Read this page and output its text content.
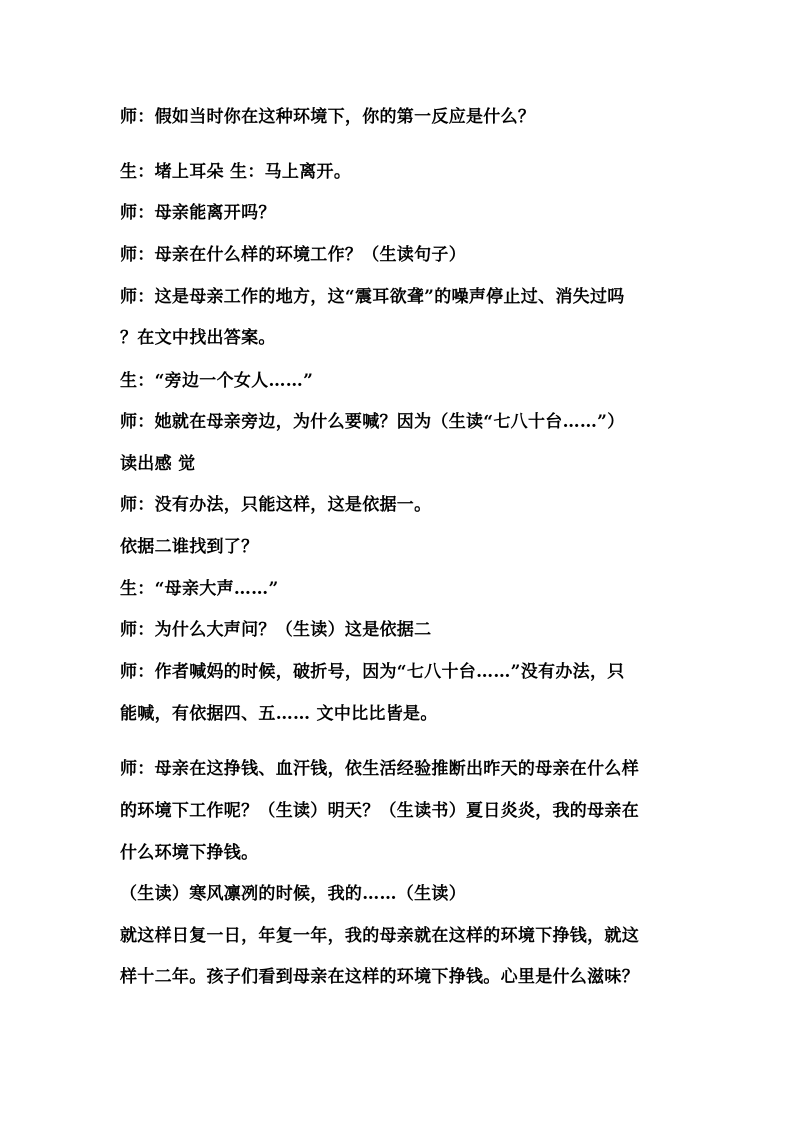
师：假如当时你在这种环境下，你的第一反应是什么？
生：堵上耳朵 生：马上离开。
师：母亲能离开吗？
师：母亲在什么样的环境工作？（生读句子）
师：这是母亲工作的地方，这“震耳欲聋”的噪声停止过、消失过吗
？在文中找出答案。
生：“旁边一个女人……”
师：她就在母亲旁边，为什么要喊？因为（生读“七八十台……”）
读出感 觉
师：没有办法，只能这样，这是依据一。
依据二谁找到了？
生：“母亲大声……”
师：为什么大声问？（生读）这是依据二
师：作者喊妈的时候，破折号，因为“七八十台……”没有办法，只
能喊，有依据四、五…… 文中比比皆是。
师：母亲在这挣钱、血汗钱，依生活经验推断出昨天的母亲在什么样
的环境下工作呢？（生读）明天？（生读书）夏日炎炎，我的母亲在
什么环境下挣钱。
（生读）寒风凛冽的时候，我的……（生读）
就这样日复一日，年复一年，我的母亲就在这样的环境下挣钱，就这
样十二年。孩子们看到母亲在这样的环境下挣钱。心里是什么滋味？
